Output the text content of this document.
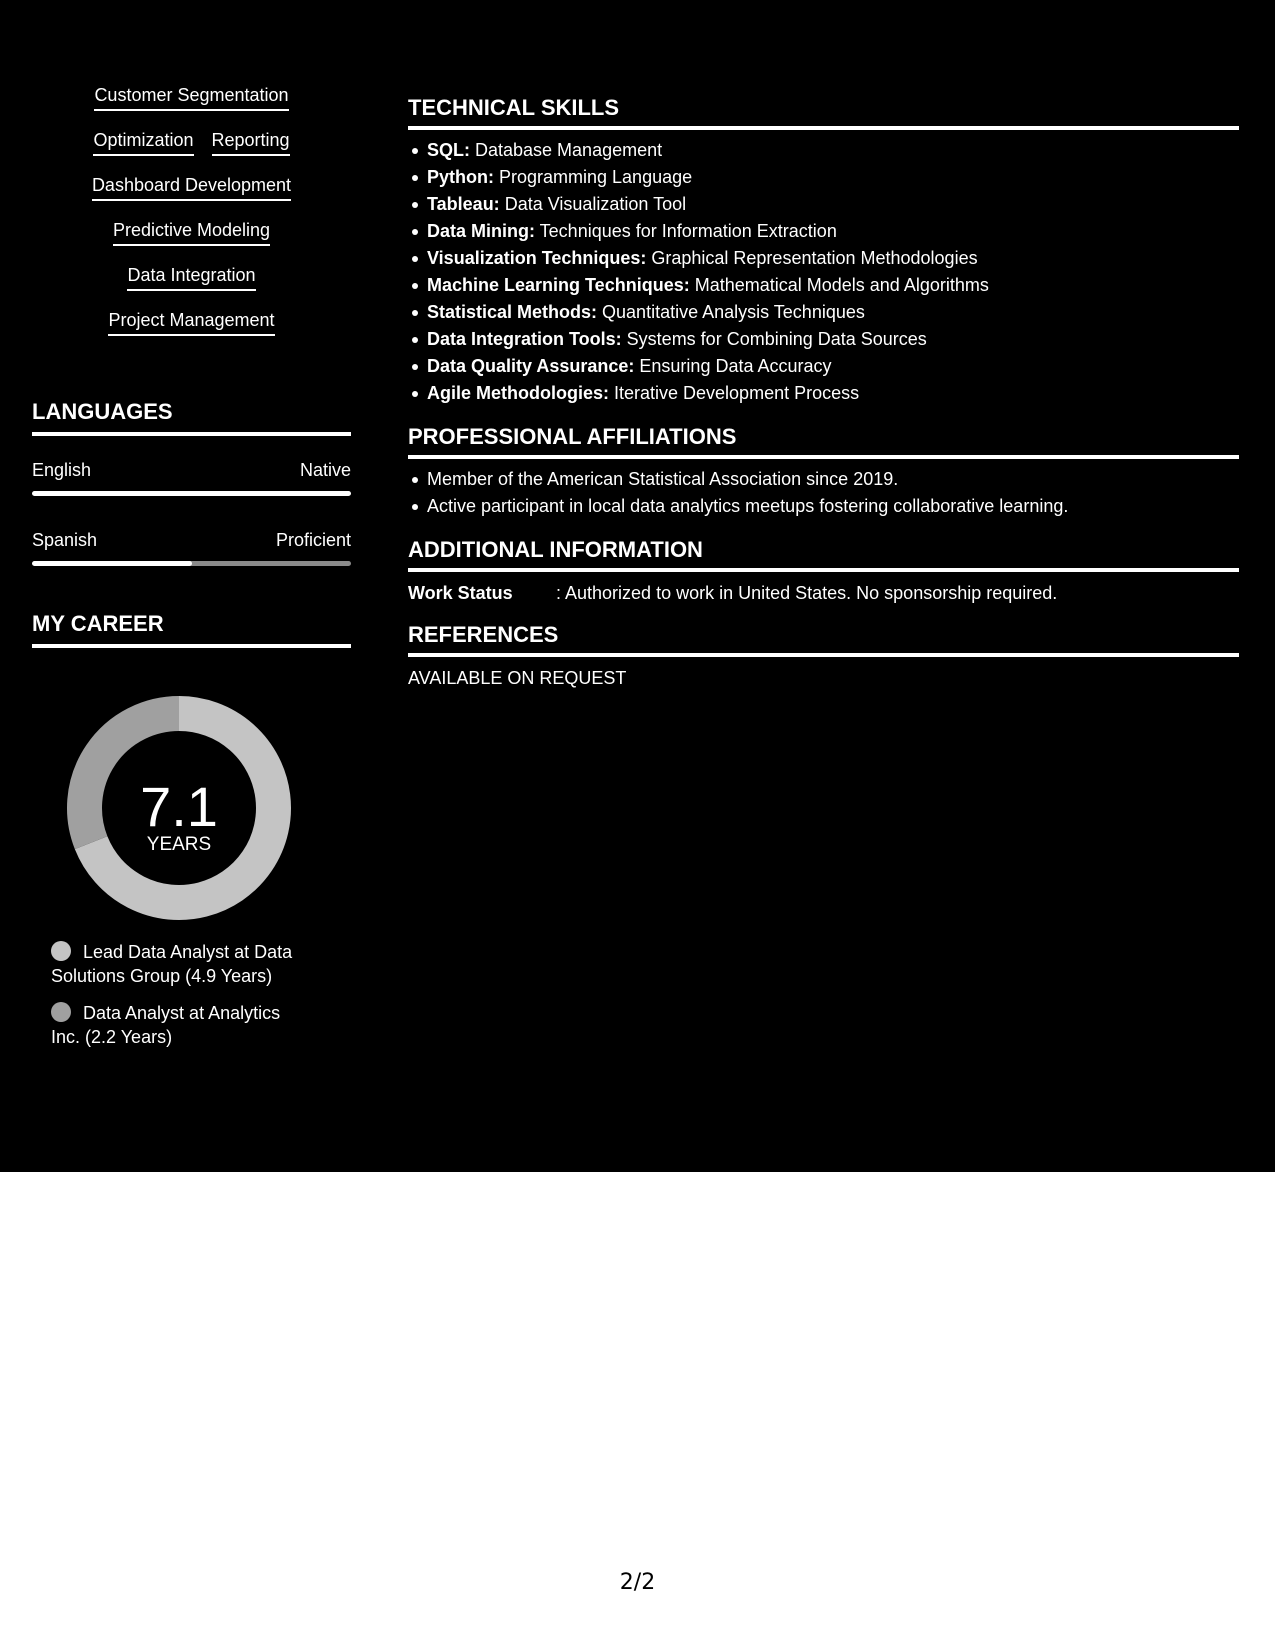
Customer Segmentation
Optimization Reporting
Dashboard Development
Predictive Modeling
Data Integration
Project Management
LANGUAGES
English	Native
Spanish	Proficient
MY CAREER
7.1
YEARS
Lead Data Analyst at Data Solutions Group (4.9 Years)
Data Analyst at Analytics Inc. (2.2 Years)
TECHNICAL SKILLS
SQL: Database Management
Python: Programming Language
Tableau: Data Visualization Tool
Data Mining: Techniques for Information Extraction
Visualization Techniques: Graphical Representation Methodologies
Machine Learning Techniques: Mathematical Models and Algorithms
Statistical Methods: Quantitative Analysis Techniques
Data Integration Tools: Systems for Combining Data Sources
Data Quality Assurance: Ensuring Data Accuracy
Agile Methodologies: Iterative Development Process
PROFESSIONAL AFFILIATIONS
Member of the American Statistical Association since 2019.
Active participant in local data analytics meetups fostering collaborative learning.
ADDITIONAL INFORMATION
Work Status	: Authorized to work in United States. No sponsorship required.
REFERENCES
AVAILABLE ON REQUEST
2/2
